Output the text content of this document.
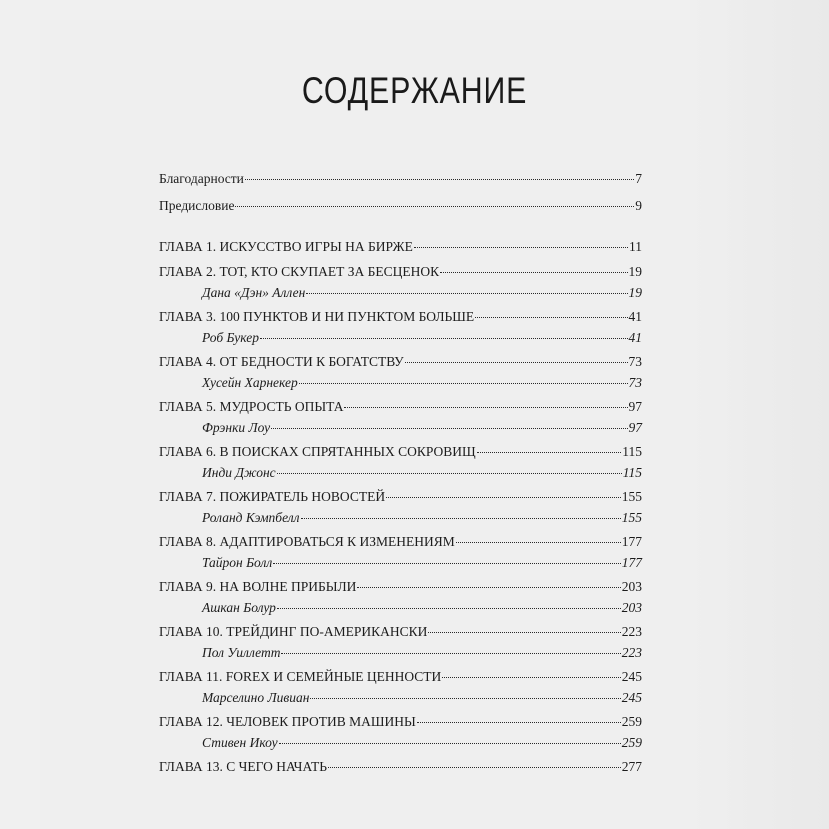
СОДЕРЖАНИЕ
Благодарности	7
Предисловие	9
ГЛАВА 1. ИСКУССТВО ИГРЫ НА БИРЖЕ	11
ГЛАВА 2. ТОТ, КТО СКУПАЕТ ЗА БЕСЦЕНОК	19
Дана «Дэн» Аллен	19
ГЛАВА 3. 100 ПУНКТОВ И НИ ПУНКТОМ БОЛЬШЕ	41
Роб Букер	41
ГЛАВА 4. ОТ БЕДНОСТИ К БОГАТСТВУ	73
Хусейн Харнекер	73
ГЛАВА 5. МУДРОСТЬ ОПЫТА	97
Фрэнки Лоу	97
ГЛАВА 6. В ПОИСКАХ СПРЯТАННЫХ СОКРОВИЩ	115
Инди Джонс	115
ГЛАВА 7. ПОЖИРАТЕЛЬ НОВОСТЕЙ	155
Роланд Кэмпбелл	155
ГЛАВА 8. АДАПТИРОВАТЬСЯ К ИЗМЕНЕНИЯМ	177
Тайрон Болл	177
ГЛАВА 9. НА ВОЛНЕ ПРИБЫЛИ	203
Ашкан Болур	203
ГЛАВА 10. ТРЕЙДИНГ ПО-АМЕРИКАНСКИ	223
Пол Уиллетт	223
ГЛАВА 11. FOREX И СЕМЕЙНЫЕ ЦЕННОСТИ	245
Марселино Ливиан	245
ГЛАВА 12. ЧЕЛОВЕК ПРОТИВ МАШИНЫ	259
Стивен Икоу	259
ГЛАВА 13. С ЧЕГО НАЧАТЬ	277
